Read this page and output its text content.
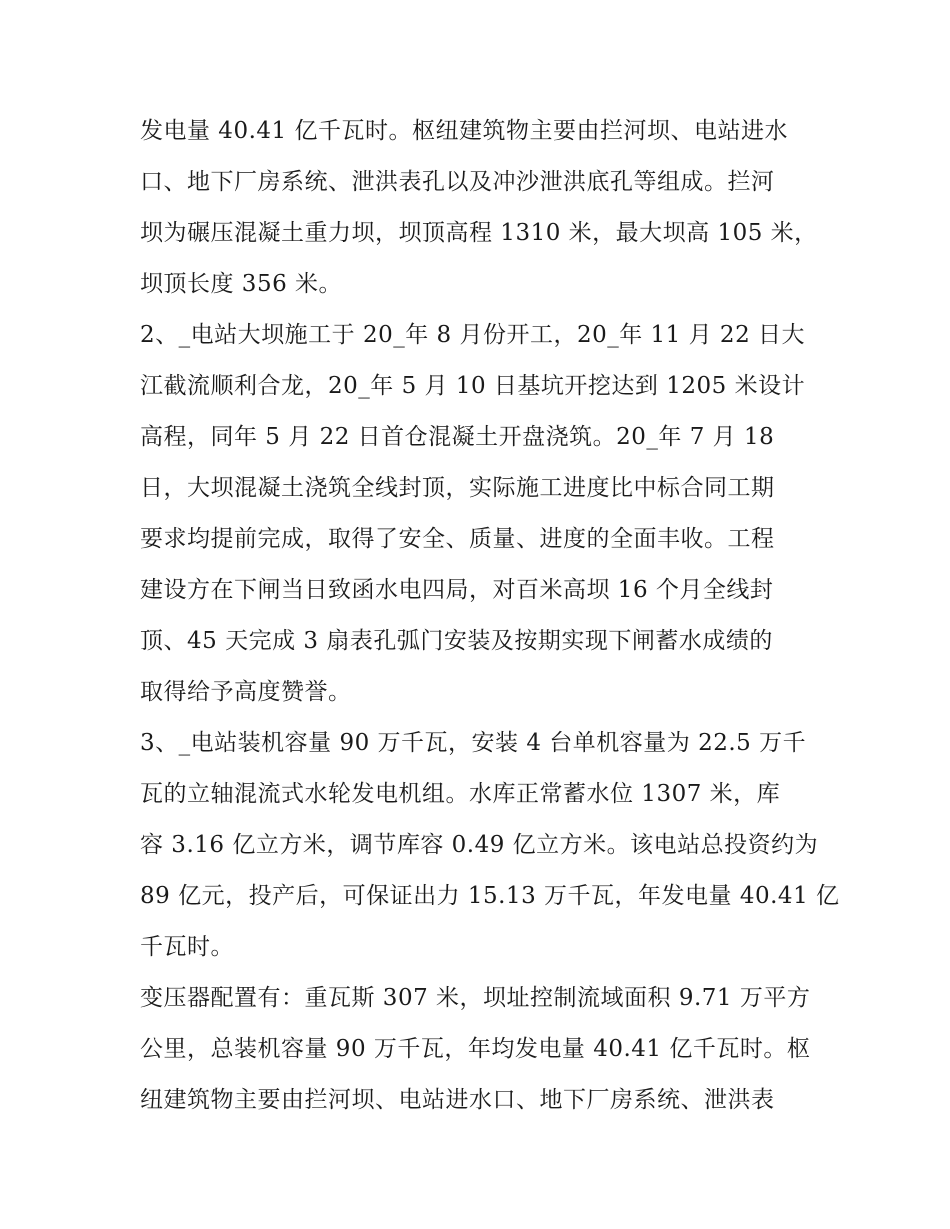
发电量 40.41 亿千瓦时。枢纽建筑物主要由拦河坝、电站进水
口、地下厂房系统、泄洪表孔以及冲沙泄洪底孔等组成。拦河
坝为碾压混凝土重力坝，坝顶高程 1310 米，最大坝高 105 米，
坝顶长度 356 米。
2、_电站大坝施工于 20_年 8 月份开工，20_年 11 月 22 日大
江截流顺利合龙，20_年 5 月 10 日基坑开挖达到 1205 米设计
高程，同年 5 月 22 日首仓混凝土开盘浇筑。20_年 7 月 18
日，大坝混凝土浇筑全线封顶，实际施工进度比中标合同工期
要求均提前完成，取得了安全、质量、进度的全面丰收。工程
建设方在下闸当日致函水电四局，对百米高坝 16 个月全线封
顶、45 天完成 3 扇表孔弧门安装及按期实现下闸蓄水成绩的
取得给予高度赞誉。
3、_电站装机容量 90 万千瓦，安装 4 台单机容量为 22.5 万千
瓦的立轴混流式水轮发电机组。水库正常蓄水位 1307 米，库
容 3.16 亿立方米，调节库容 0.49 亿立方米。该电站总投资约为
89 亿元，投产后，可保证出力 15.13 万千瓦，年发电量 40.41 亿
千瓦时。
变压器配置有：重瓦斯 307 米，坝址控制流域面积 9.71 万平方
公里，总装机容量 90 万千瓦，年均发电量 40.41 亿千瓦时。枢
纽建筑物主要由拦河坝、电站进水口、地下厂房系统、泄洪表
